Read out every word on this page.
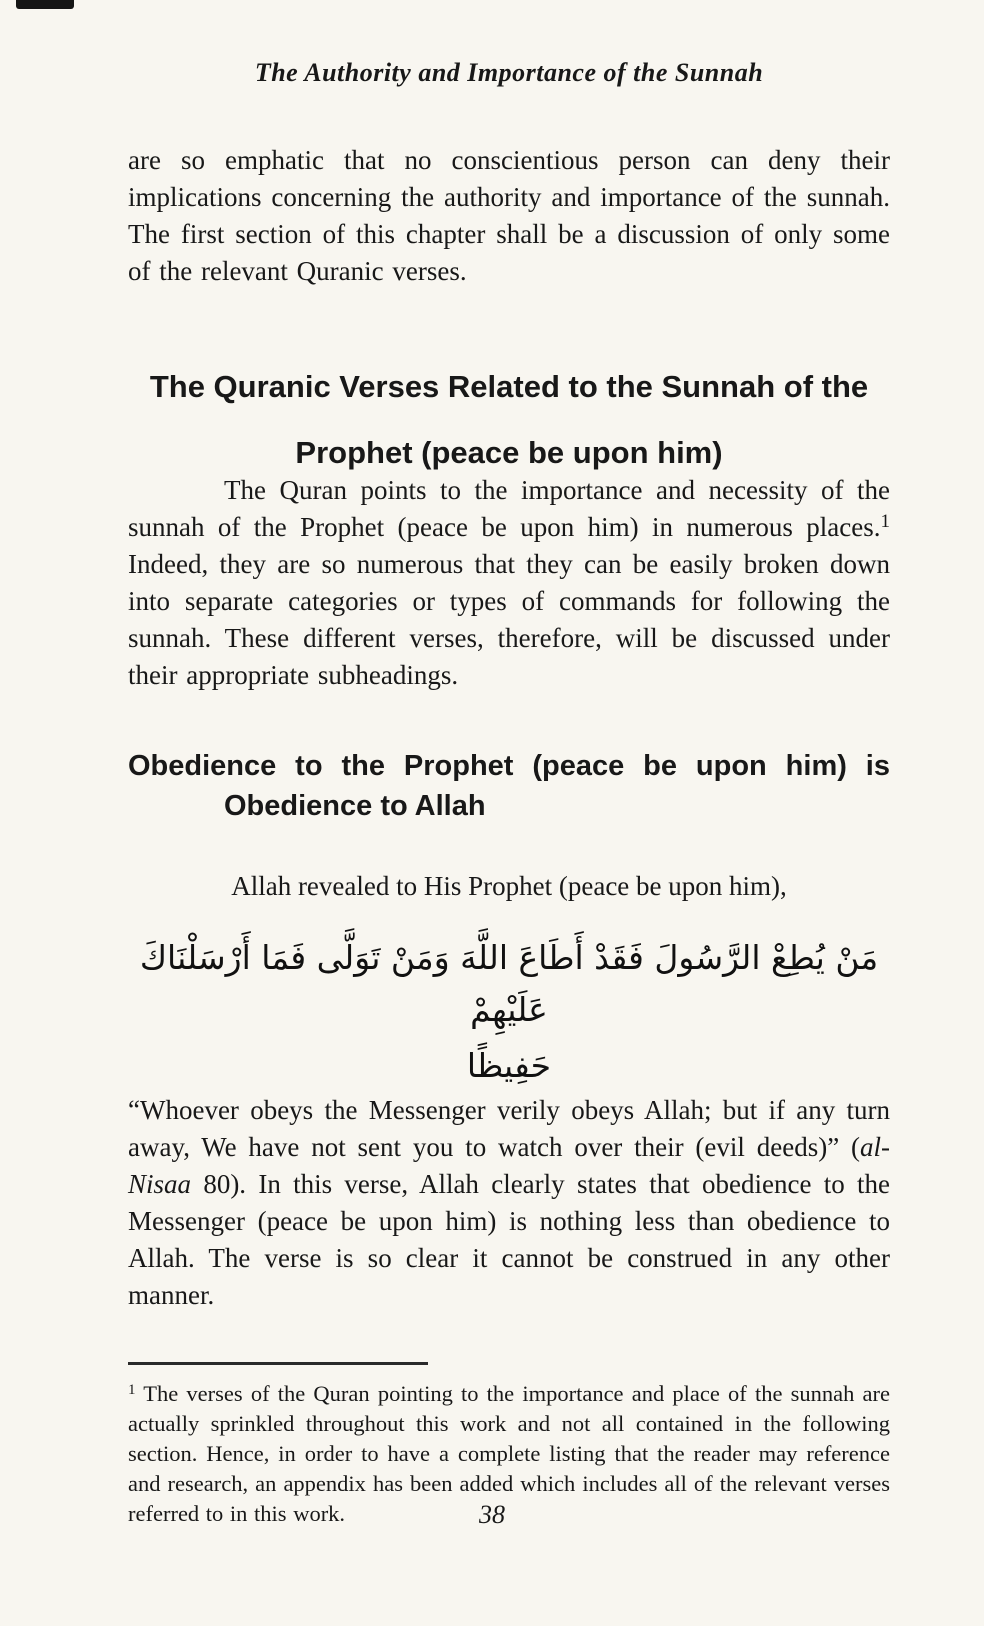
The Authority and Importance of the Sunnah

are so emphatic that no conscientious person can deny their implications concerning the authority and importance of the sunnah. The first section of this chapter shall be a discussion of only some of the relevant Quranic verses.

The Quranic Verses Related to the Sunnah of the
Prophet (peace be upon him)

The Quran points to the importance and necessity of the sunnah of the Prophet (peace be upon him) in numerous places.$^1$ Indeed, they are so numerous that they can be easily broken down into separate categories or types of commands for following the sunnah. These different verses, therefore, will be discussed under their appropriate subheadings.

Obedience to the Prophet (peace be upon him) is
Obedience to Allah

Allah revealed to His Prophet (peace be upon him),

مَنْ يُطِعْ الرَّسُولَ فَقَدْ أَطَاعَ اللَّهَ وَمَنْ تَوَلَّى فَمَا أَرْسَلْنَاكَ عَلَيْهِمْ
حَفِيظًا

“Whoever obeys the Messenger verily obeys Allah; but if any turn away, We have not sent you to watch over their (evil deeds)” (al-Nisaa 80). In this verse, Allah clearly states that obedience to the Messenger (peace be upon him) is nothing less than obedience to Allah. The verse is so clear it cannot be construed in any other manner.

$^1$ The verses of the Quran pointing to the importance and place of the sunnah are actually sprinkled throughout this work and not all contained in the following section. Hence, in order to have a complete listing that the reader may reference and research, an appendix has been added which includes all of the relevant verses referred to in this work.	38
